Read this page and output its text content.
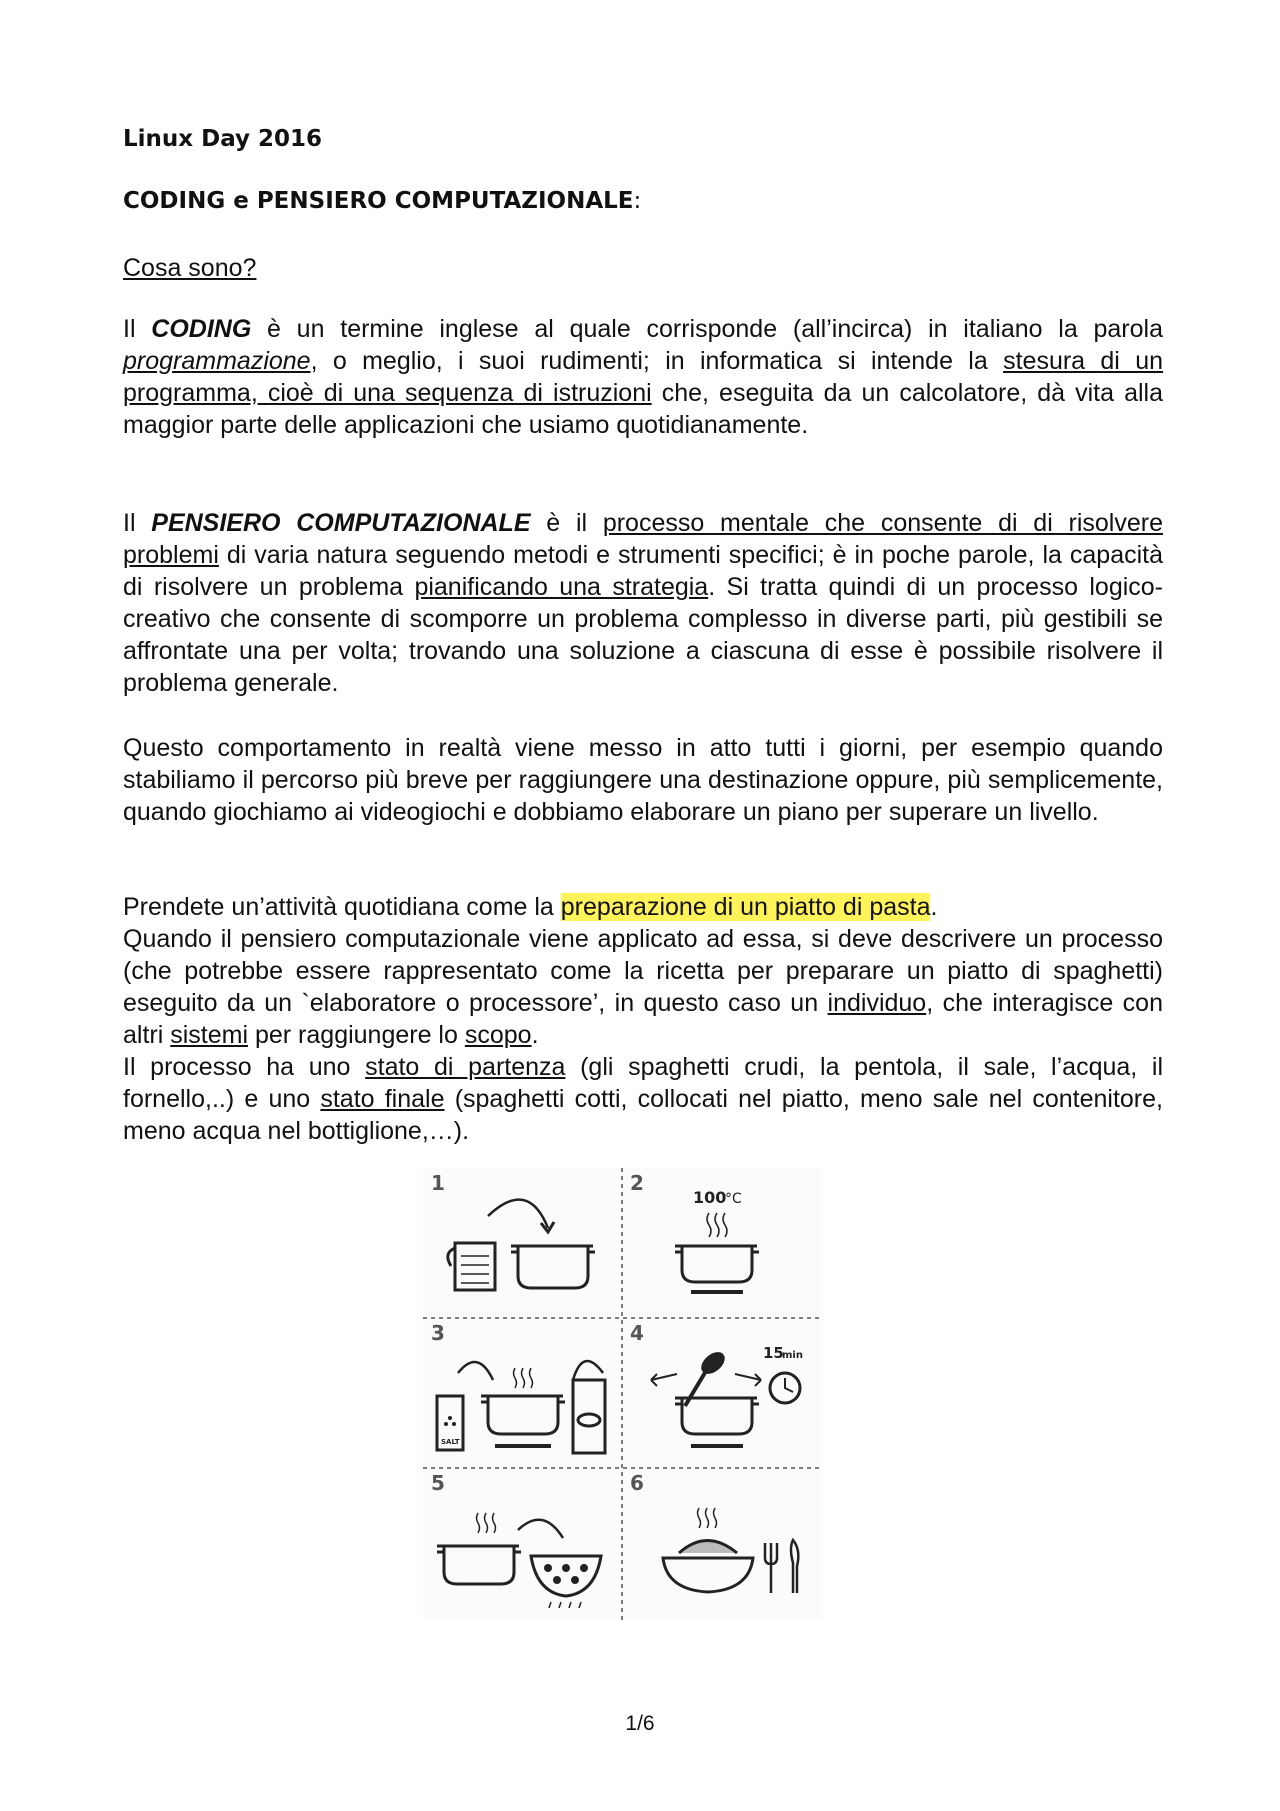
Linux Day 2016
CODING e PENSIERO COMPUTAZIONALE:
Cosa sono?
Il CODING è un termine inglese al quale corrisponde (all’incirca) in italiano la parola programmazione, o meglio, i suoi rudimenti; in informatica si intende la stesura di un programma, cioè di una sequenza di istruzioni che, eseguita da un calcolatore, dà vita alla maggior parte delle applicazioni che usiamo quotidianamente.
Il PENSIERO COMPUTAZIONALE è il processo mentale che consente di di risolvere problemi di varia natura seguendo metodi e strumenti specifici; è in poche parole, la capacità di risolvere un problema pianificando una strategia. Si tratta quindi di un processo logico-creativo che consente di scomporre un problema complesso in diverse parti, più gestibili se affrontate una per volta; trovando una soluzione a ciascuna di esse è possibile risolvere il problema generale.
Questo comportamento in realtà viene messo in atto tutti i giorni, per esempio quando stabiliamo il percorso più breve per raggiungere una destinazione oppure, più semplicemente, quando giochiamo ai videogiochi e dobbiamo elaborare un piano per superare un livello.
Prendete un’attività quotidiana come la preparazione di un piatto di pasta.
Quando il pensiero computazionale viene applicato ad essa, si deve descrivere un processo (che potrebbe essere rappresentato come la ricetta per preparare un piatto di spaghetti) eseguito da un `elaboratore o processore’, in questo caso un individuo, che interagisce con altri sistemi per raggiungere lo scopo.
Il processo ha uno stato di partenza (gli spaghetti crudi, la pentola, il sale, l’acqua, il fornello,..) e uno stato finale (spaghetti cotti, collocati nel piatto, meno sale nel contenitore, meno acqua nel bottiglione,…).
1	2
3	4
5	6
100
°C
SALT
15
min
1/6
